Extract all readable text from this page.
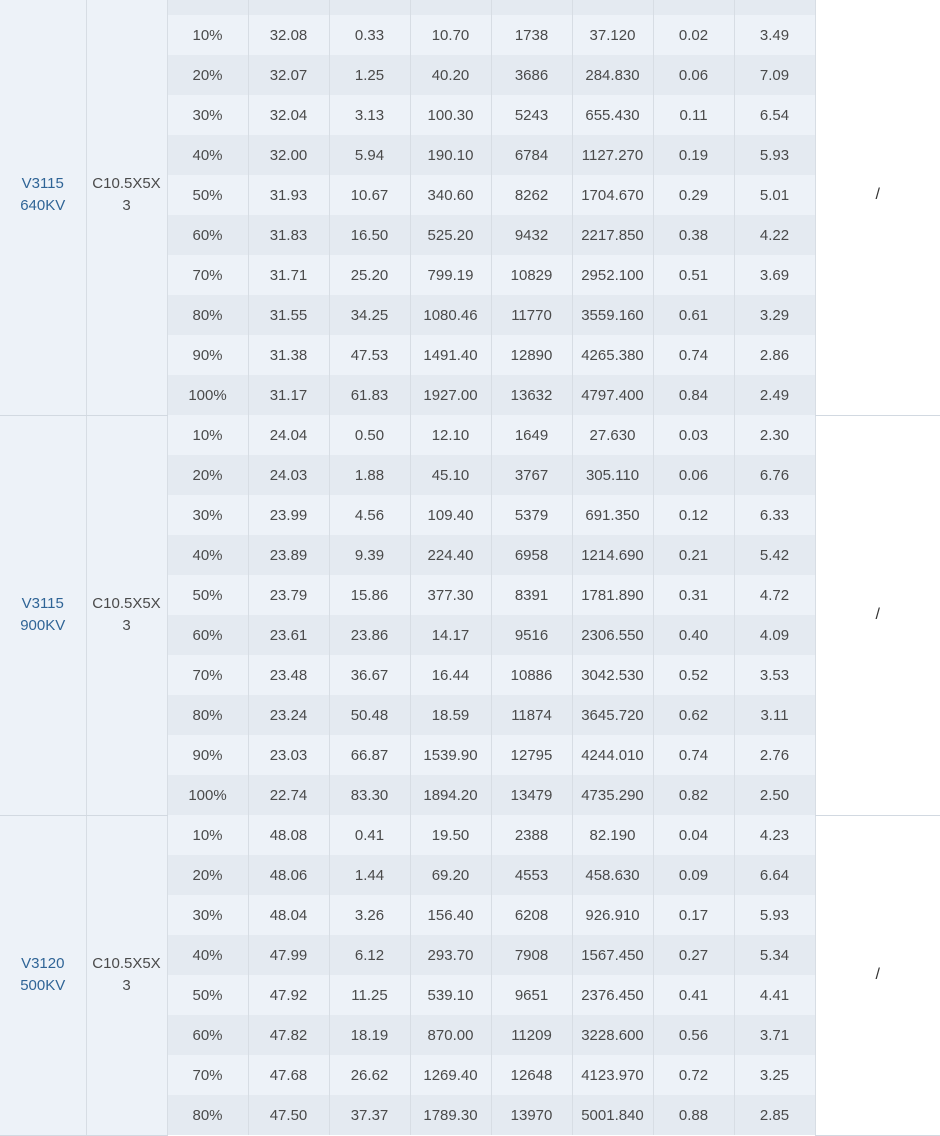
V3115
640KV	C10.5X5X
3									/
		10%	32.08	0.33	10.70	1738	37.120	0.02	3.49	
		20%	32.07	1.25	40.20	3686	284.830	0.06	7.09	
		30%	32.04	3.13	100.30	5243	655.430	0.11	6.54	
		40%	32.00	5.94	190.10	6784	1127.270	0.19	5.93	
		50%	31.93	10.67	340.60	8262	1704.670	0.29	5.01	
		60%	31.83	16.50	525.20	9432	2217.850	0.38	4.22	
		70%	31.71	25.20	799.19	10829	2952.100	0.51	3.69	
		80%	31.55	34.25	1080.46	11770	3559.160	0.61	3.29	
		90%	31.38	47.53	1491.40	12890	4265.380	0.74	2.86	
		100%	31.17	61.83	1927.00	13632	4797.400	0.84	2.49	

V3115
900KV	C10.5X5X
3	10%	24.04	0.50	12.10	1649	27.630	0.03	2.30	/
		20%	24.03	1.88	45.10	3767	305.110	0.06	6.76	
		30%	23.99	4.56	109.40	5379	691.350	0.12	6.33	
		40%	23.89	9.39	224.40	6958	1214.690	0.21	5.42	
		50%	23.79	15.86	377.30	8391	1781.890	0.31	4.72	
		60%	23.61	23.86	14.17	9516	2306.550	0.40	4.09	
		70%	23.48	36.67	16.44	10886	3042.530	0.52	3.53	
		80%	23.24	50.48	18.59	11874	3645.720	0.62	3.11	
		90%	23.03	66.87	1539.90	12795	4244.010	0.74	2.76	
		100%	22.74	83.30	1894.20	13479	4735.290	0.82	2.50	

V3120
500KV	C10.5X5X
3	10%	48.08	0.41	19.50	2388	82.190	0.04	4.23	/
		20%	48.06	1.44	69.20	4553	458.630	0.09	6.64	
		30%	48.04	3.26	156.40	6208	926.910	0.17	5.93	
		40%	47.99	6.12	293.70	7908	1567.450	0.27	5.34	
		50%	47.92	11.25	539.10	9651	2376.450	0.41	4.41	
		60%	47.82	18.19	870.00	11209	3228.600	0.56	3.71	
		70%	47.68	26.62	1269.40	12648	4123.970	0.72	3.25	
		80%	47.50	37.37	1789.30	13970	5001.840	0.88	2.85	
